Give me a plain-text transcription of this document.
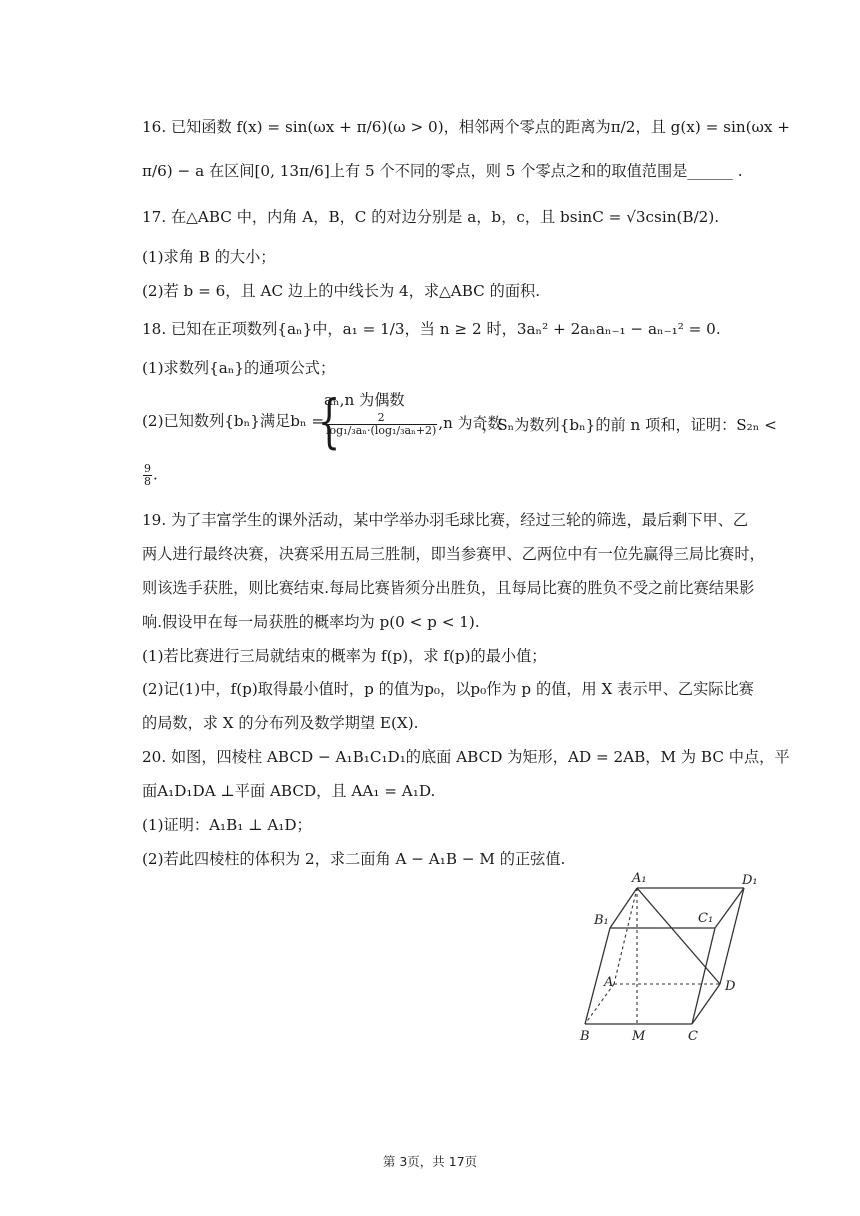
16. 已知函数 f(x) = sin(ωx + π/6)(ω > 0)，相邻两个零点的距离为π/2，且 g(x) = sin(ωx +
π/6) − a 在区间[0, 13π/6]上有 5 个不同的零点，则 5 个零点之和的取值范围是______ .
17. 在△ABC 中，内角 A，B，C 的对边分别是 a，b，c，且 bsinC = √3csin(B/2).
(1)求角 B 的大小；
(2)若 b = 6，且 AC 边上的中线长为 4，求△ABC 的面积.
18. 已知在正项数列{aₙ}中，a₁ = 1/3，当 n ≥ 2 时，3aₙ² + 2aₙaₙ₋₁ − aₙ₋₁² = 0.
(1)求数列{aₙ}的通项公式；
(2)已知数列{bₙ}满足bₙ =
{
aₙ,n 为偶数
$\frac{2}{\text{log₁/₃aₙ·(log₁/₃aₙ+2)}} ,n$ 为奇数
，Sₙ为数列{bₙ}的前 n 项和，证明：S₂ₙ <
$\frac{9}{8}$ .
19. 为了丰富学生的课外活动，某中学举办羽毛球比赛，经过三轮的筛选，最后剩下甲、乙
两人进行最终决赛，决赛采用五局三胜制，即当参赛甲、乙两位中有一位先赢得三局比赛时，
则该选手获胜，则比赛结束.每局比赛皆须分出胜负，且每局比赛的胜负不受之前比赛结果影
响.假设甲在每一局获胜的概率均为 p(0 < p < 1).
(1)若比赛进行三局就结束的概率为 f(p)，求 f(p)的最小值；
(2)记(1)中，f(p)取得最小值时，p 的值为p₀，以p₀作为 p 的值，用 X 表示甲、乙实际比赛
的局数，求 X 的分布列及数学期望 E(X).
20. 如图，四棱柱 ABCD − A₁B₁C₁D₁的底面 ABCD 为矩形，AD = 2AB，M 为 BC 中点，平
面A₁D₁DA ⊥平面 ABCD，且 AA₁ = A₁D.
(1)证明：A₁B₁ ⊥ A₁D；
(2)若此四棱柱的体积为 2，求二面角 A − A₁B − M 的正弦值.
A₁	D₁
B₁	C₁
A	D
B	M	C
第 3页，共 17页
